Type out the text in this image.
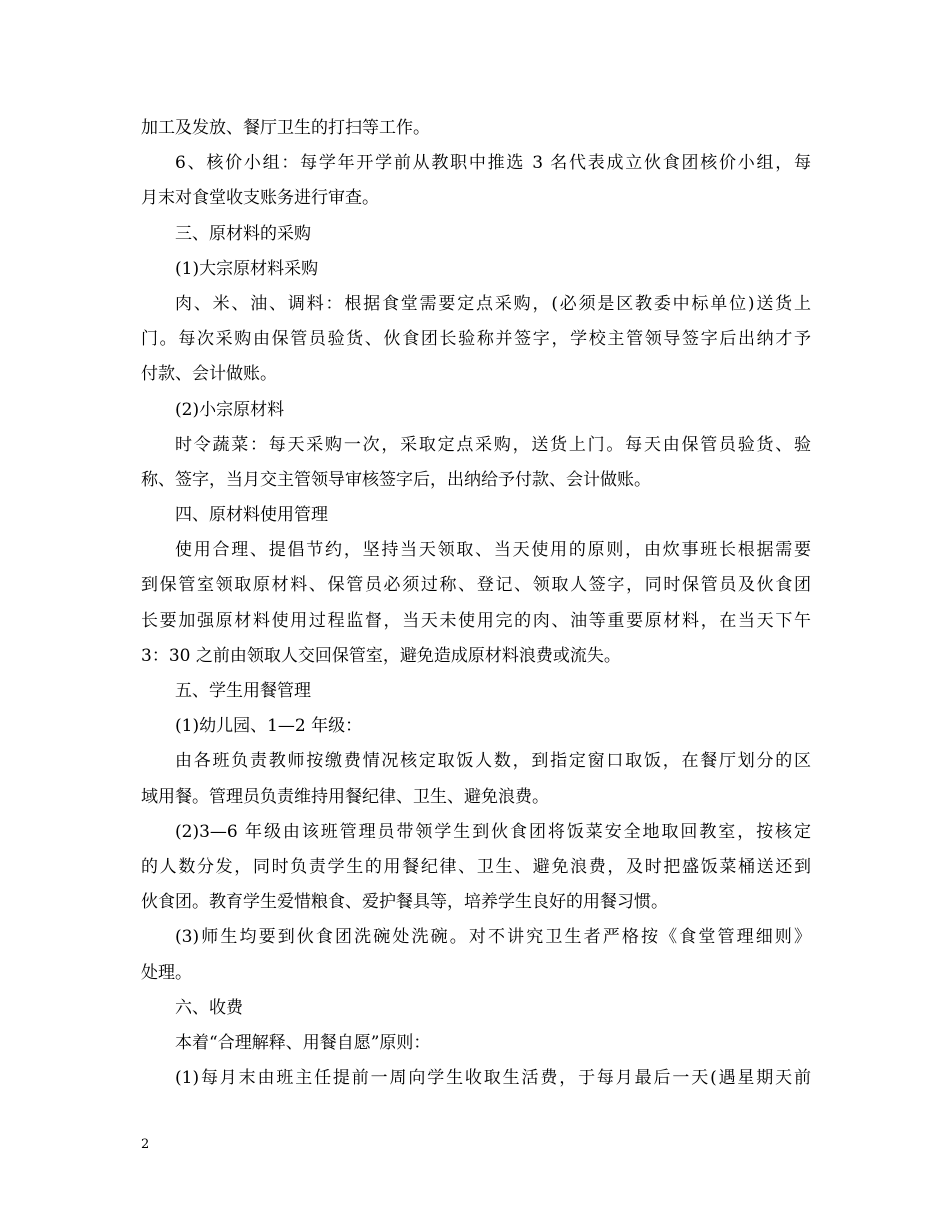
加工及发放、餐厅卫生的打扫等工作。
6、核价小组：每学年开学前从教职中推选 3 名代表成立伙食团核价小组，每
月末对食堂收支账务进行审查。
三、原材料的采购
(1)大宗原材料采购
肉、米、油、调料：根据食堂需要定点采购，(必须是区教委中标单位)送货上
门。每次采购由保管员验货、伙食团长验称并签字，学校主管领导签字后出纳才予
付款、会计做账。
(2)小宗原材料
时令蔬菜：每天采购一次，采取定点采购，送货上门。每天由保管员验货、验
称、签字，当月交主管领导审核签字后，出纳给予付款、会计做账。
四、原材料使用管理
使用合理、提倡节约，坚持当天领取、当天使用的原则，由炊事班长根据需要
到保管室领取原材料、保管员必须过称、登记、领取人签字，同时保管员及伙食团
长要加强原材料使用过程监督，当天未使用完的肉、油等重要原材料，在当天下午
3：30 之前由领取人交回保管室，避免造成原材料浪费或流失。
五、学生用餐管理
(1)幼儿园、1—2 年级：
由各班负责教师按缴费情况核定取饭人数，到指定窗口取饭，在餐厅划分的区
域用餐。管理员负责维持用餐纪律、卫生、避免浪费。
(2)3—6 年级由该班管理员带领学生到伙食团将饭菜安全地取回教室，按核定
的人数分发，同时负责学生的用餐纪律、卫生、避免浪费，及时把盛饭菜桶送还到
伙食团。教育学生爱惜粮食、爱护餐具等，培养学生良好的用餐习惯。
(3)师生均要到伙食团洗碗处洗碗。对不讲究卫生者严格按《食堂管理细则》
处理。
六、收费
本着“合理解释、用餐自愿”原则：
(1)每月末由班主任提前一周向学生收取生活费，于每月最后一天(遇星期天前
2
